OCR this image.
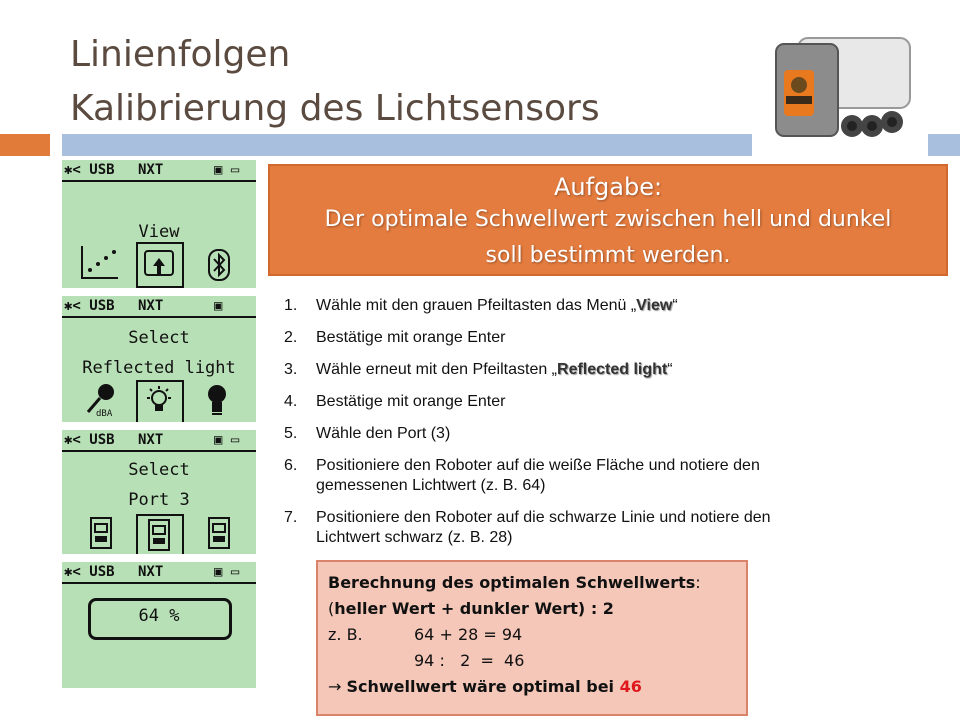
Linienfolgen
Kalibrierung des Lichtsensors
✱< USB NXT	▣ ▭
View
✱< USB NXT	▣
Select
Reflected light
dBA
✱< USB NXT	▣ ▭
Select
Port 3
✱< USB NXT	▣ ▭
64 %
Aufgabe:
Der optimale Schwellwert zwischen hell und dunkel
soll bestimmt werden.
1. Wähle mit den grauen Pfeiltasten das Menü „View“
2. Bestätige mit orange Enter
3. Wähle erneut mit den Pfeiltasten „Reflected light“
4. Bestätige mit orange Enter
5. Wähle den Port (3)
6. Positioniere den Roboter auf die weiße Fläche und notiere den gemessenen Lichtwert (z. B. 64)
7. Positioniere den Roboter auf die schwarze Linie und notiere den Lichtwert schwarz (z. B. 28)
Berechnung des optimalen Schwellwerts:
(heller Wert + dunkler Wert) : 2
z. B.	64 + 28 = 94
94 :   2  =  46
→ Schwellwert wäre optimal bei 46
